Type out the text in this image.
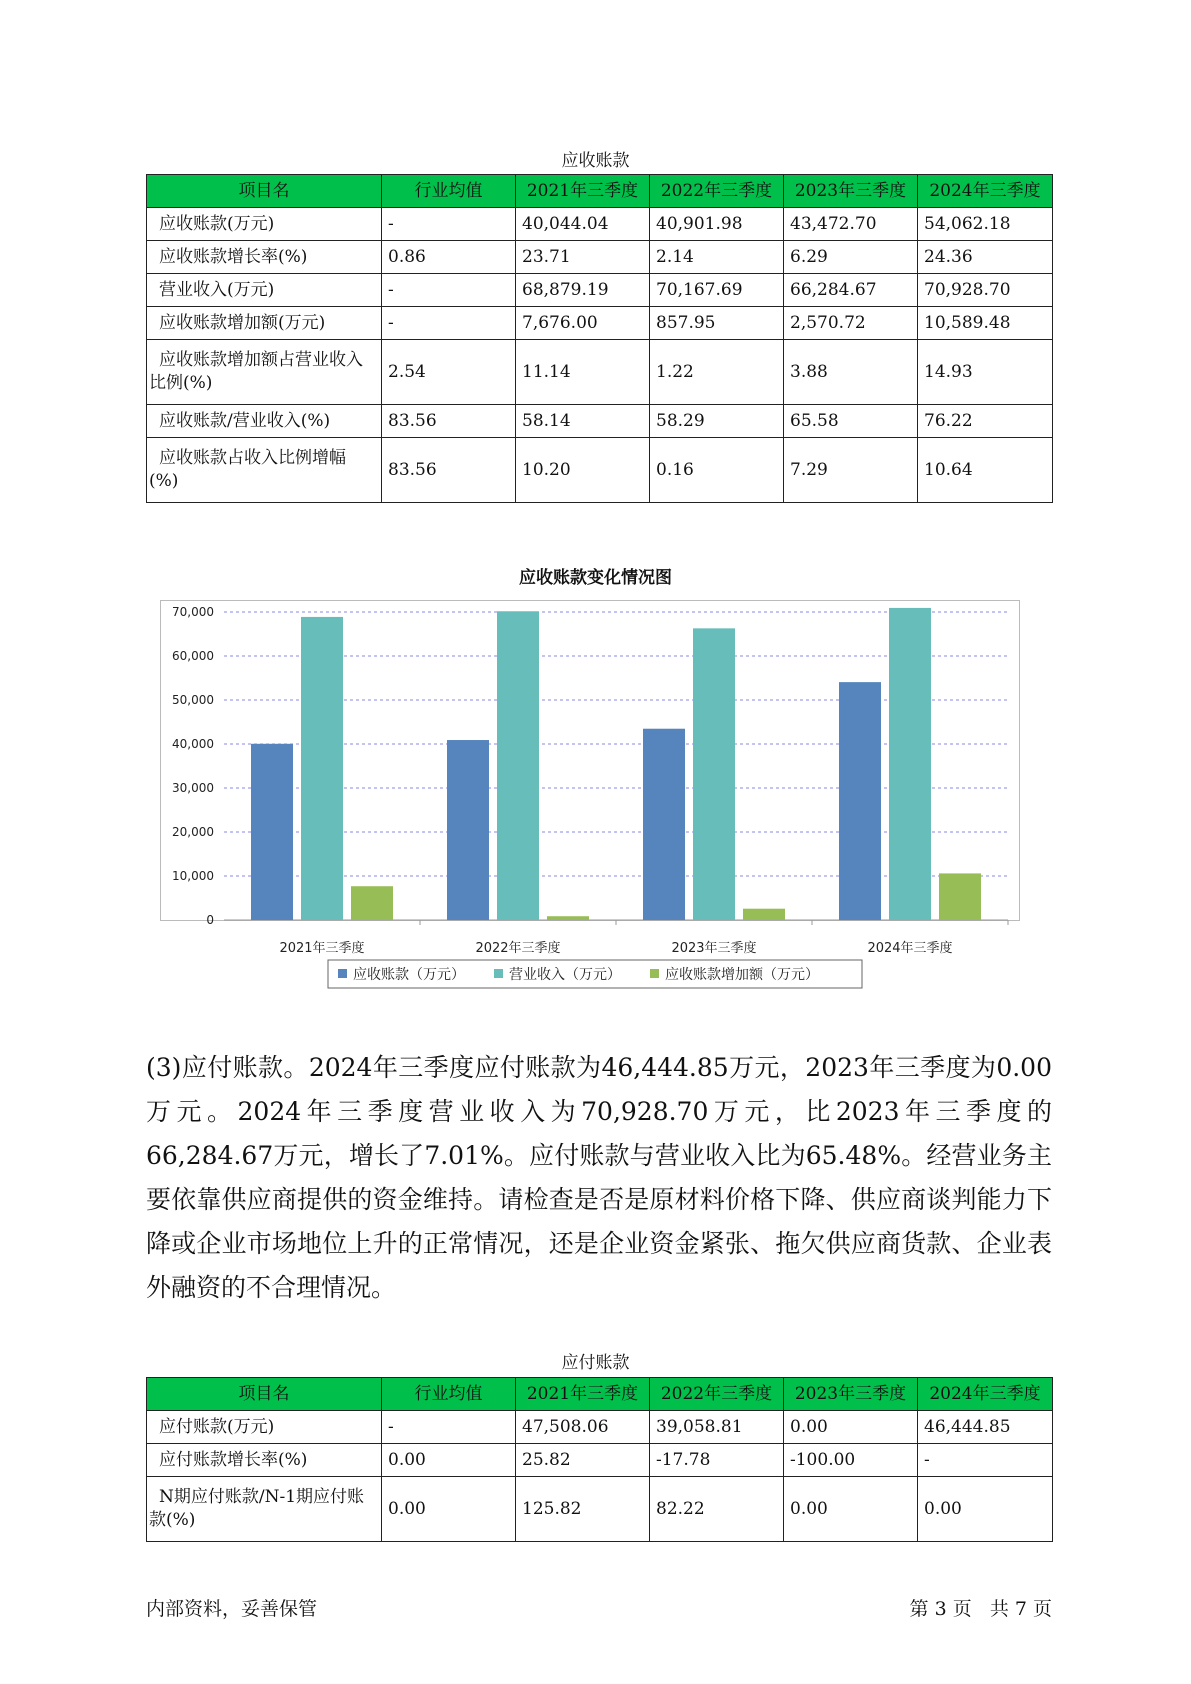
应收账款
项目名	行业均值	2021年三季度	2022年三季度	2023年三季度	2024年三季度
应收账款(万元)	-	40,044.04	40,901.98	43,472.70	54,062.18
应收账款增长率(%)	0.86	23.71	2.14	6.29	24.36
营业收入(万元)	-	68,879.19	70,167.69	66,284.67	70,928.70
应收账款增加额(万元)	-	7,676.00	857.95	2,570.72	10,589.48
应收账款增加额占营业收入比例(%)	2.54	11.14	1.22	3.88	14.93
应收账款/营业收入(%)	83.56	58.14	58.29	65.58	76.22
应收账款占收入比例增幅(%)	83.56	10.20	0.16	7.29	10.64
应收账款变化情况图
0
10,000
20,000
30,000
40,000
50,000
60,000
70,000
2021年三季度	2022年三季度	2023年三季度	2024年三季度
应收账款（万元）	营业收入（万元）	应收账款增加额（万元）

(3)应付账款。2024年三季度应付账款为46,444.85万元，2023年三季度为0.00万元。2024年三季度营业收入为70,928.70万元，比2023年三季度的66,284.67万元，增长了7.01%。应付账款与营业收入比为65.48%。经营业务主要依靠供应商提供的资金维持。请检查是否是原材料价格下降、供应商谈判能力下降或企业市场地位上升的正常情况，还是企业资金紧张、拖欠供应商货款、企业表外融资的不合理情况。

应付账款
项目名	行业均值	2021年三季度	2022年三季度	2023年三季度	2024年三季度
应付账款(万元)	-	47,508.06	39,058.81	0.00	46,444.85
应付账款增长率(%)	0.00	25.82	-17.78	-100.00	-
N期应付账款/N-1期应付账款(%)	0.00	125.82	82.22	0.00	0.00
内部资料，妥善保管	第 3 页   共 7 页
